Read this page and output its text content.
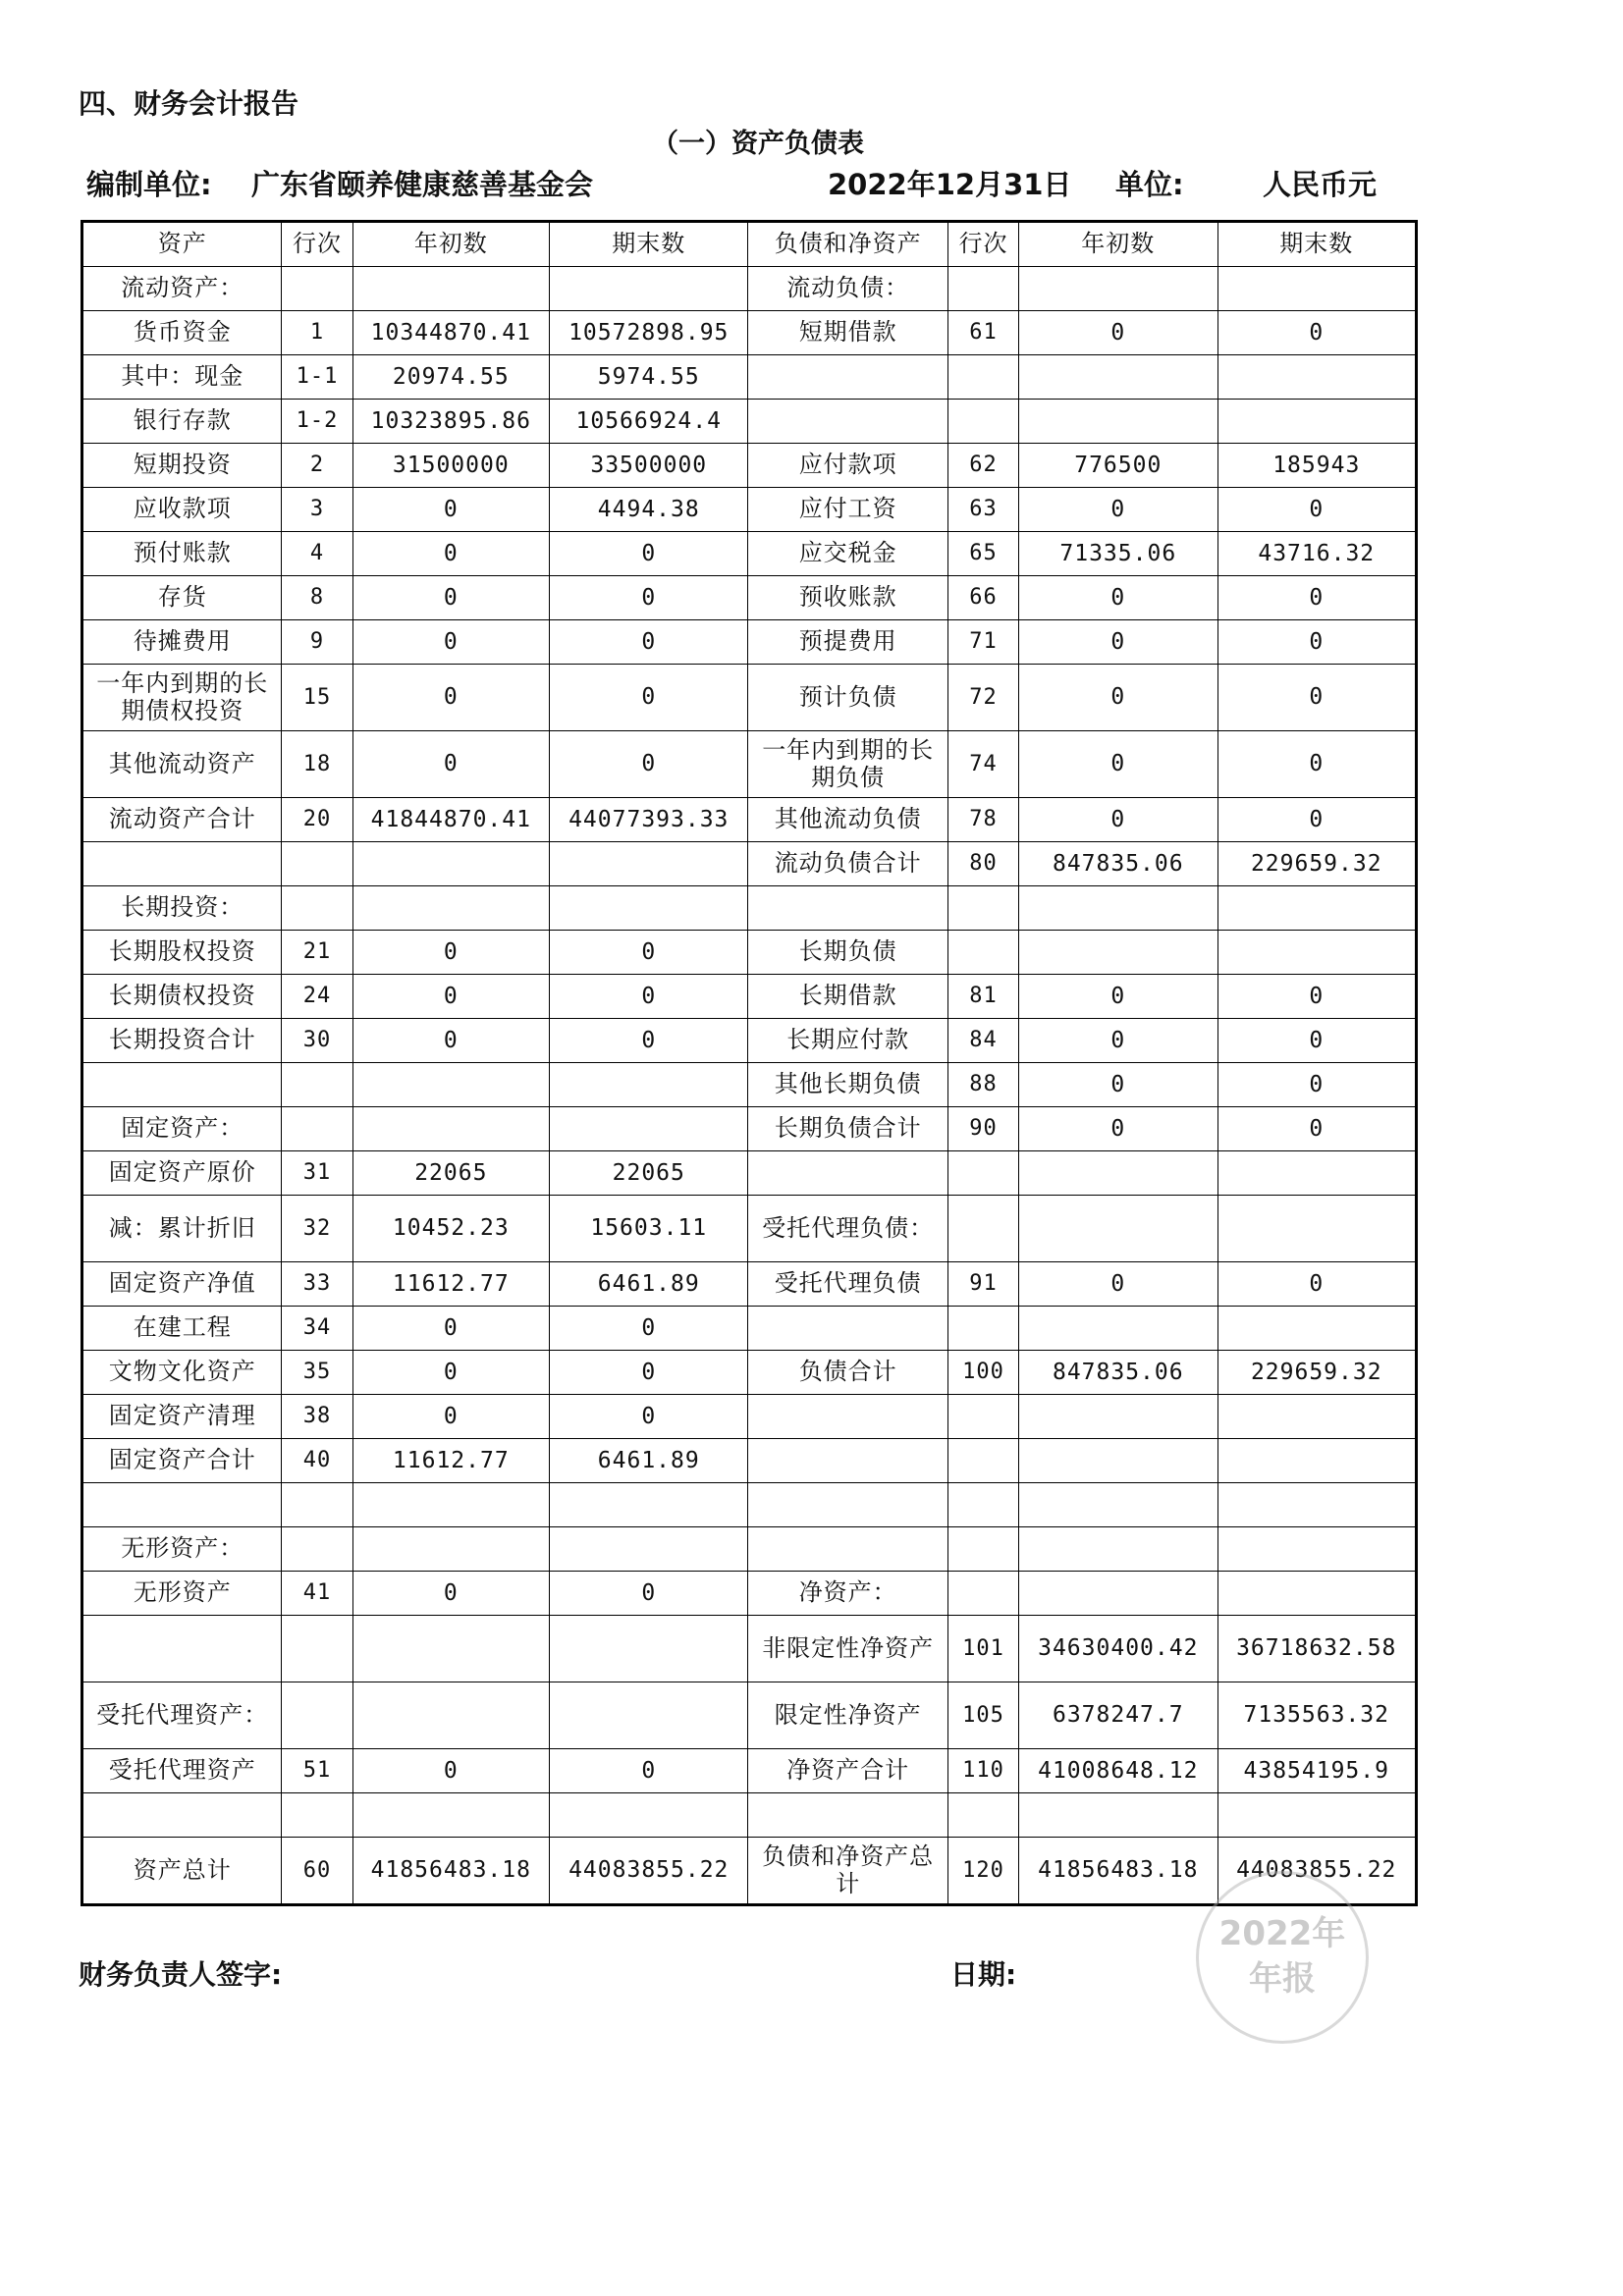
四、财务会计报告
（一）资产负债表
编制单位: 广东省颐养健康慈善基金会	2022年12月31日 单位:	人民币元
资产	行次	年初数	期末数	负债和净资产	行次	年初数	期末数
流动资产：				流动负债：			
货币资金	1	10344870.41	10572898.95	短期借款	61	0	0
其中：现金	1-1	20974.55	5974.55				
银行存款	1-2	10323895.86	10566924.4				
短期投资	2	31500000	33500000	应付款项	62	776500	185943
应收款项	3	0	4494.38	应付工资	63	0	0
预付账款	4	0	0	应交税金	65	71335.06	43716.32
存货	8	0	0	预收账款	66	0	0
待摊费用	9	0	0	预提费用	71	0	0
一年内到期的长期债权投资	15	0	0	预计负债	72	0	0
其他流动资产	18	0	0	一年内到期的长期负债	74	0	0
流动资产合计	20	41844870.41	44077393.33	其他流动负债	78	0	0
				流动负债合计	80	847835.06	229659.32
长期投资：							
长期股权投资	21	0	0	长期负债			
长期债权投资	24	0	0	长期借款	81	0	0
长期投资合计	30	0	0	长期应付款	84	0	0
				其他长期负债	88	0	0
固定资产：				长期负债合计	90	0	0
固定资产原价	31	22065	22065				
减：累计折旧	32	10452.23	15603.11	受托代理负债：			
固定资产净值	33	11612.77	6461.89	受托代理负债	91	0	0
在建工程	34	0	0				
文物文化资产	35	0	0	负债合计	100	847835.06	229659.32
固定资产清理	38	0	0				
固定资产合计	40	11612.77	6461.89				

无形资产：							
无形资产	41	0	0	净资产：			
				非限定性净资产	101	34630400.42	36718632.58
受托代理资产：				限定性净资产	105	6378247.7	7135563.32
受托代理资产	51	0	0	净资产合计	110	41008648.12	43854195.9

资产总计	60	41856483.18	44083855.22	负债和净资产总计	120	41856483.18	44083855.22
财务负责人签字:	日期:
2022年
年报
